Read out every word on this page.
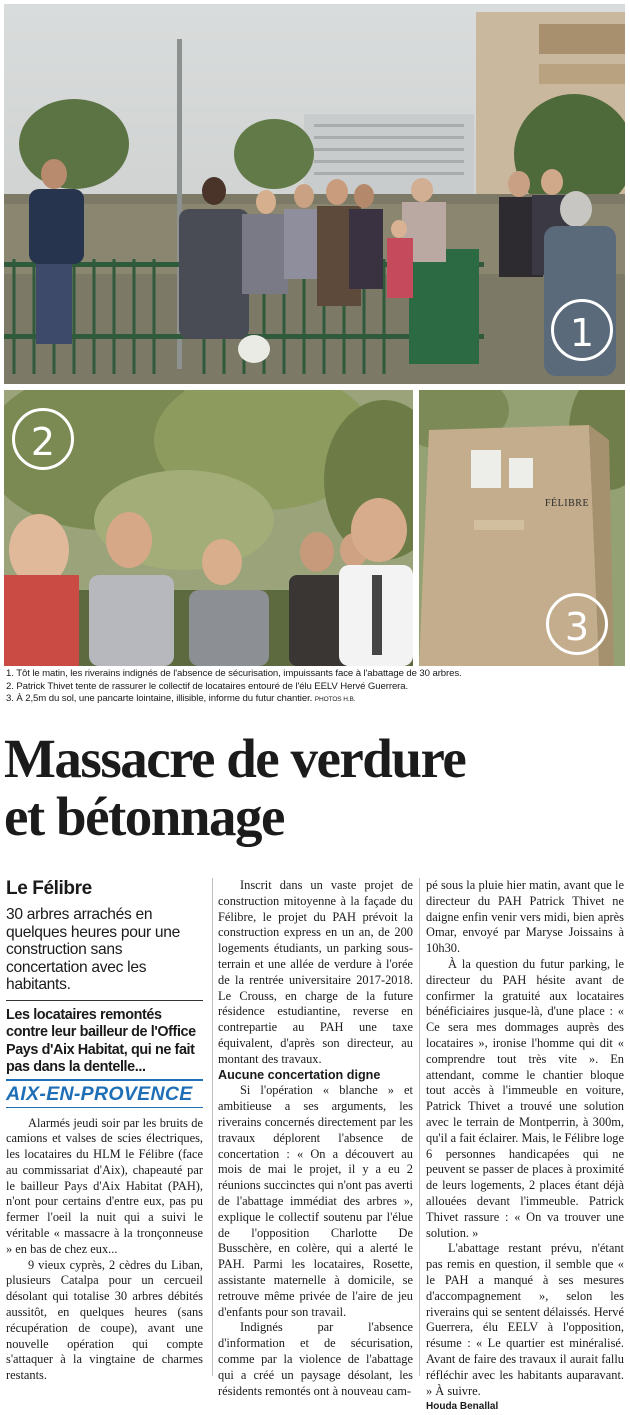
1
2
FÉLIBRE
3
1. Tôt le matin, les riverains indignés de l'absence de sécurisation, impuissants face à l'abattage de 30 arbres.
2. Patrick Thivet tente de rassurer le collectif de locataires entouré de l'élu EELV Hervé Guerrera.
3. À 2,5m du sol, une pancarte lointaine, illisible, informe du futur chantier. PHOTOS H.B.
Massacre de verdure
et bétonnage
Le Félibre

30 arbres arrachés en quelques heures pour une construction sans concertation avec les habitants.

Les locataires remontés contre leur bailleur de l'Office Pays d'Aix Habitat, qui ne fait pas dans la dentelle...

AIX-EN-PROVENCE

Alarmés jeudi soir par les bruits de camions et valses de scies électriques, les locataires du HLM le Félibre (face au commissariat d'Aix), chapeauté par le bailleur Pays d'Aix Habitat (PAH), n'ont pour certains d'entre eux, pas pu fermer l'oeil la nuit qui a suivi le véritable « massacre à la tronçonneuse » en bas de chez eux...

9 vieux cyprès, 2 cèdres du Liban, plusieurs Catalpa pour un cercueil désolant qui totalise 30 arbres débités aussitôt, en quelques heures (sans récupération de coupe), avant une nouvelle opération qui compte s'attaquer à la vingtaine de charmes restants.

Inscrit dans un vaste projet de construction mitoyenne à la façade du Félibre, le projet du PAH prévoit la construction express en un an, de 200 logements étudiants, un parking sous-terrain et une allée de verdure à l'orée de la rentrée universitaire 2017-2018. Le Crouss, en charge de la future résidence estudiantine, reverse en contrepartie au PAH une taxe équivalent, d'après son directeur, au montant des travaux.

Aucune concertation digne

Si l'opération « blanche » et ambitieuse a ses arguments, les riverains concernés directement par les travaux déplorent l'absence de concertation : « On a découvert au mois de mai le projet, il y a eu 2 réunions succinctes qui n'ont pas averti de l'abattage immédiat des arbres », explique le collectif soutenu par l'élue de l'opposition Charlotte De Busschère, en colère, qui a alerté le PAH. Parmi les locataires, Rosette, assistante maternelle à domicile, se retrouve même privée de l'aire de jeu d'enfants pour son travail.

Indignés par l'absence d'information et de sécurisation, comme par la violence de l'abattage qui a créé un paysage désolant, les résidents remontés ont à nouveau cam-

pé sous la pluie hier matin, avant que le directeur du PAH Patrick Thivet ne daigne enfin venir vers midi, bien après Omar, envoyé par Maryse Joissains à 10h30.

À la question du futur parking, le directeur du PAH hésite avant de confirmer la gratuité aux locataires bénéficiaires jusque-là, d'une place : « Ce sera mes dommages auprès des locataires », ironise l'homme qui dit « comprendre tout très vite ». En attendant, comme le chantier bloque tout accès à l'immeuble en voiture, Patrick Thivet a trouvé une solution avec le terrain de Montperrin, à 300m, qu'il a fait éclairer. Mais, le Félibre loge 6 personnes handicapées qui ne peuvent se passer de places à proximité de leurs logements, 2 places étant déjà allouées devant l'immeuble. Patrick Thivet rassure : « On va trouver une solution. »

L'abattage restant prévu, n'étant pas remis en question, il semble que « le PAH a manqué à ses mesures d'accompagnement », selon les riverains qui se sentent délaissés. Hervé Guerrera, élu EELV à l'opposition, résume : « Le quartier est minéralisé. Avant de faire des travaux il aurait fallu réfléchir avec les habitants auparavant. » À suivre.

Houda Benallal
